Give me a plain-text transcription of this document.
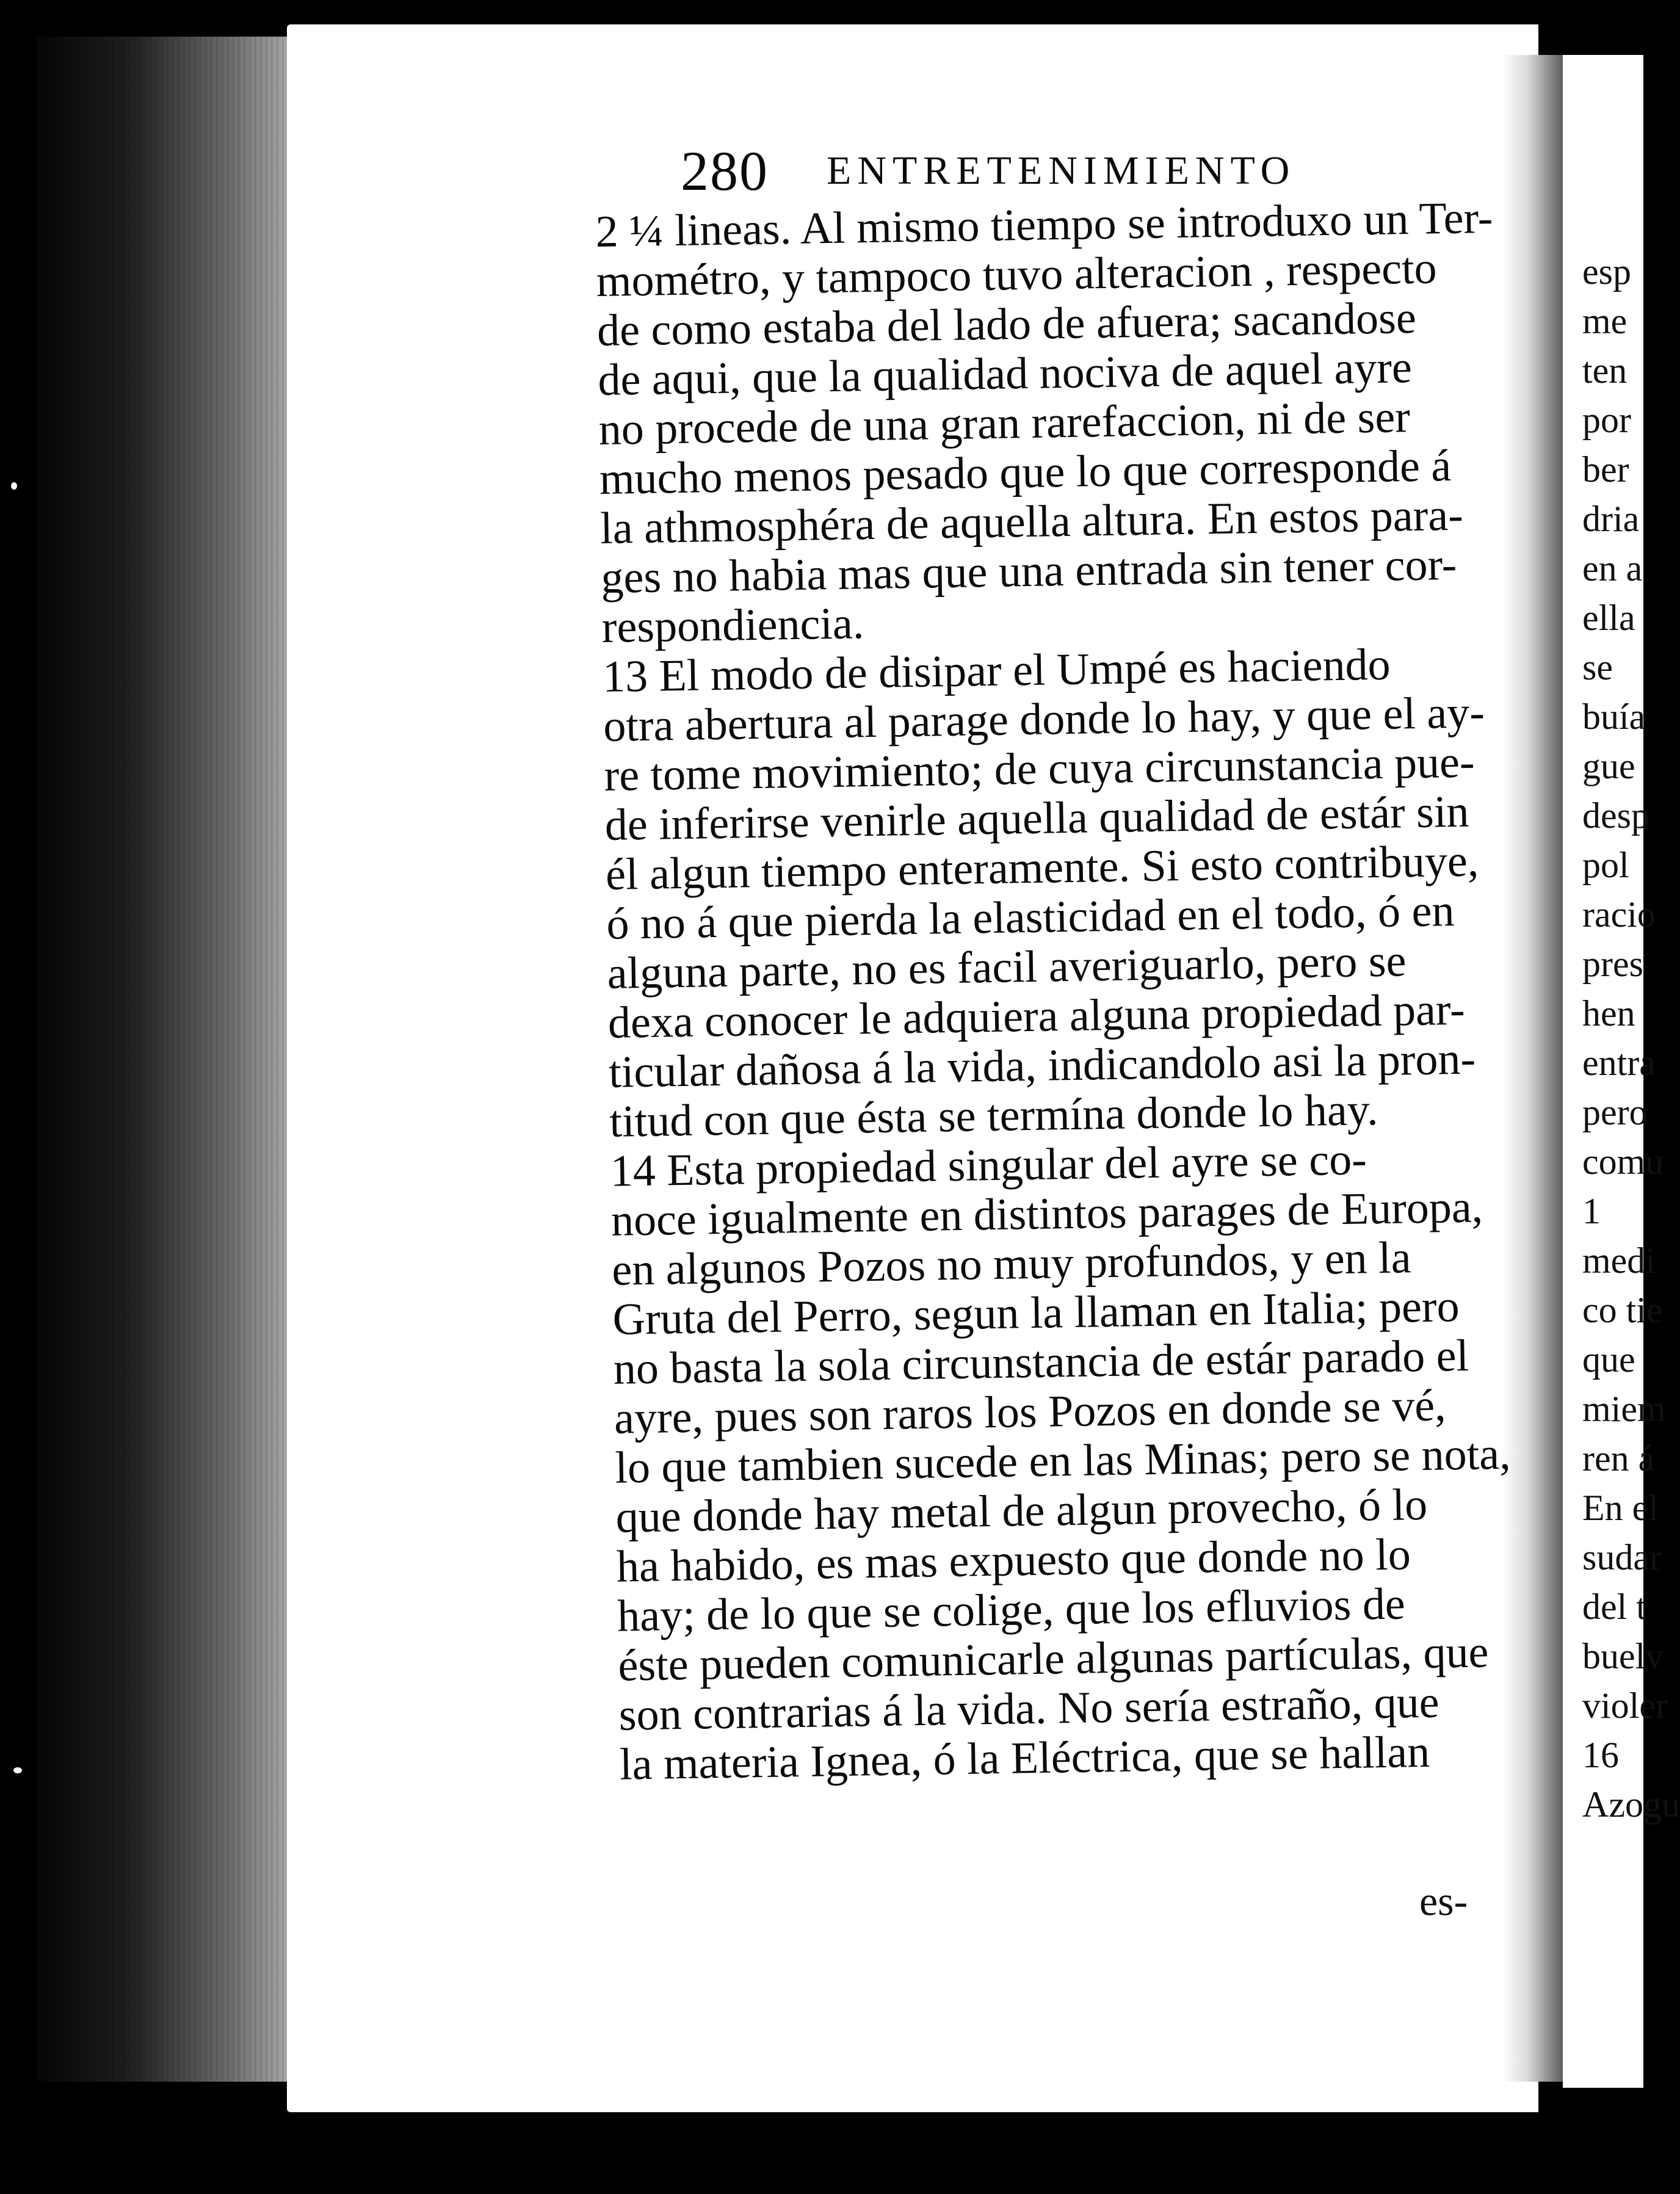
280 ENTRETENIMIENTO
2 ¼ lineas. Al mismo tiempo se introduxo un Ter-
mométro, y tampoco tuvo alteracion , respecto
de como estaba del lado de afuera; sacandose
de aqui, que la qualidad nociva de aquel ayre
no procede de una gran rarefaccion, ni de ser
mucho menos pesado que lo que corresponde á
la athmosphéra de aquella altura. En estos para-
ges no habia mas que una entrada sin tener cor-
respondiencia.
13 El modo de disipar el Umpé es haciendo
otra abertura al parage donde lo hay, y que el ay-
re tome movimiento; de cuya circunstancia pue-
de inferirse venirle aquella qualidad de estár sin
él algun tiempo enteramente. Si esto contribuye,
ó no á que pierda la elasticidad en el todo, ó en
alguna parte, no es facil averiguarlo, pero se
dexa conocer le adquiera alguna propiedad par-
ticular dañosa á la vida, indicandolo asi la pron-
titud con que ésta se termína donde lo hay.
14 Esta propiedad singular del ayre se co-
noce igualmente en distintos parages de Europa,
en algunos Pozos no muy profundos, y en la
Gruta del Perro, segun la llaman en Italia; pero
no basta la sola circunstancia de estár parado el
ayre, pues son raros los Pozos en donde se vé,
lo que tambien sucede en las Minas; pero se nota,
que donde hay metal de algun provecho, ó lo
ha habido, es mas expuesto que donde no lo
hay; de lo que se colige, que los efluvios de
éste pueden comunicarle algunas partículas, que
son contrarias á la vida. No sería estraño, que
la materia Ignea, ó la Eléctrica, que se hallan
es-
esp
me
ten
por
ber
dria
en a
ella
se
buía
gue
desp
pol
racio
pres
hen
entra
pero
comu
1
medi
co tie
que
miem
ren á
En el
sudar
del t
buelv
violer
16
Azogu
